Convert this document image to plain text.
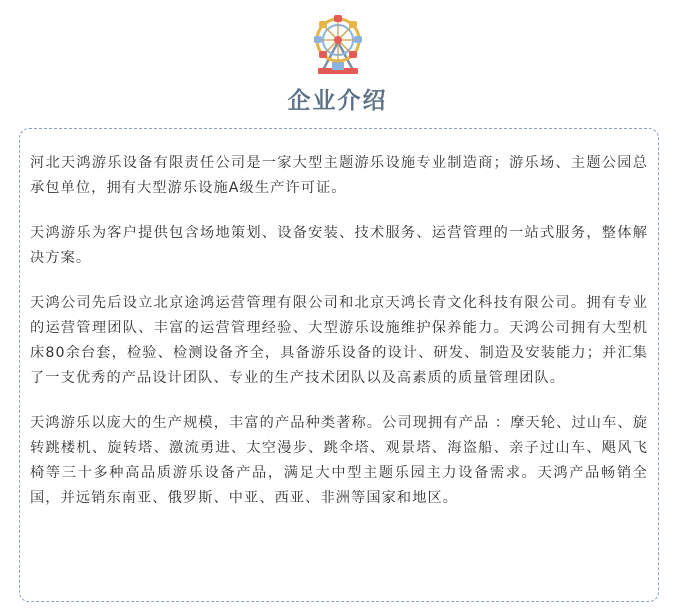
企业介绍

河北天鸿游乐设备有限责任公司是一家大型主题游乐设施专业制造商；游乐场、主题公园总承包单位，拥有大型游乐设施A级生产许可证。

天鸿游乐为客户提供包含场地策划、设备安装、技术服务、运营管理的一站式服务，整体解决方案。

天鸿公司先后设立北京途鸿运营管理有限公司和北京天鸿长青文化科技有限公司。拥有专业的运营管理团队、丰富的运营管理经验、大型游乐设施维护保养能力。天鸿公司拥有大型机床80余台套，检验、检测设备齐全，具备游乐设备的设计、研发、制造及安装能力；并汇集了一支优秀的产品设计团队、专业的生产技术团队以及高素质的质量管理团队。

天鸿游乐以庞大的生产规模，丰富的产品种类著称。公司现拥有产品 ：摩天轮、过山车、旋转跳楼机、旋转塔、激流勇进、太空漫步、跳伞塔、观景塔、海盗船、亲子过山车、飓风飞椅等三十多种高品质游乐设备产品，满足大中型主题乐园主力设备需求。天鸿产品畅销全国，并远销东南亚、俄罗斯、中亚、西亚、非洲等国家和地区。
